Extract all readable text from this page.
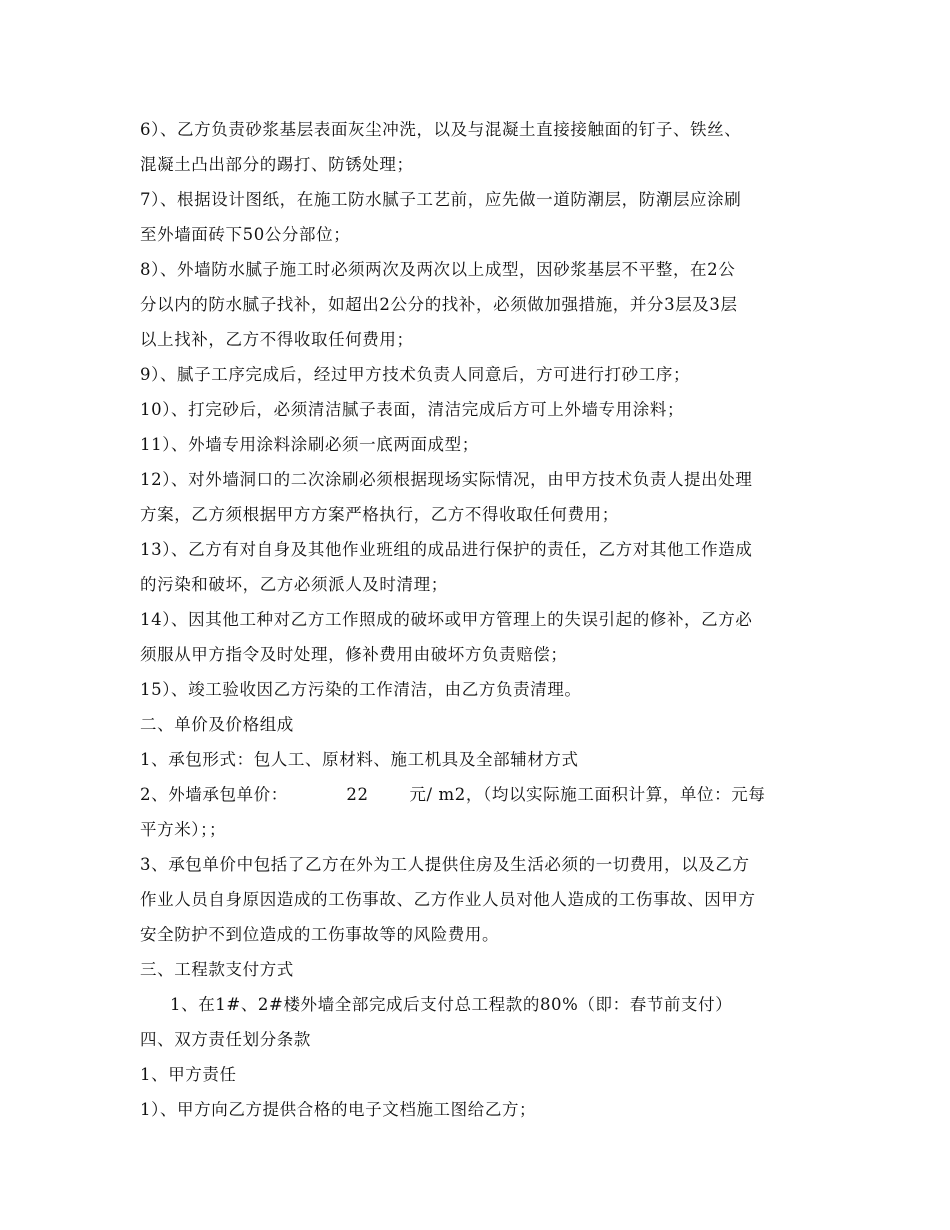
6）、乙方负责砂浆基层表面灰尘冲洗，以及与混凝土直接接触面的钉子、铁丝、
混凝土凸出部分的踢打、防锈处理；
7）、根据设计图纸，在施工防水腻子工艺前，应先做一道防潮层，防潮层应涂刷
至外墙面砖下50公分部位；
8）、外墙防水腻子施工时必须两次及两次以上成型，因砂浆基层不平整，在2公
分以内的防水腻子找补，如超出2公分的找补，必须做加强措施，并分3层及3层
以上找补，乙方不得收取任何费用；
9）、腻子工序完成后，经过甲方技术负责人同意后，方可进行打砂工序；
10）、打完砂后，必须清洁腻子表面，清洁完成后方可上外墙专用涂料；
11）、外墙专用涂料涂刷必须一底两面成型；
12）、对外墙洞口的二次涂刷必须根据现场实际情况，由甲方技术负责人提出处理
方案，乙方须根据甲方方案严格执行，乙方不得收取任何费用；
13）、乙方有对自身及其他作业班组的成品进行保护的责任，乙方对其他工作造成
的污染和破坏，乙方必须派人及时清理；
14）、因其他工种对乙方工作照成的破坏或甲方管理上的失误引起的修补，乙方必
须服从甲方指令及时处理，修补费用由破坏方负责赔偿；
15）、竣工验收因乙方污染的工作清洁，由乙方负责清理。
二、单价及价格组成
1、承包形式：包人工、原材料、施工机具及全部辅材方式
2、外墙承包单价：          22       元/ m2，（均以实际施工面积计算，单位：元每
平方米）；；
3、承包单价中包括了乙方在外为工人提供住房及生活必须的一切费用，以及乙方
作业人员自身原因造成的工伤事故、乙方作业人员对他人造成的工伤事故、因甲方
安全防护不到位造成的工伤事故等的风险费用。
三、工程款支付方式
1、在1#、2#楼外墙全部完成后支付总工程款的80%（即：春节前支付）
四、双方责任划分条款
1、甲方责任
1）、甲方向乙方提供合格的电子文档施工图给乙方；
